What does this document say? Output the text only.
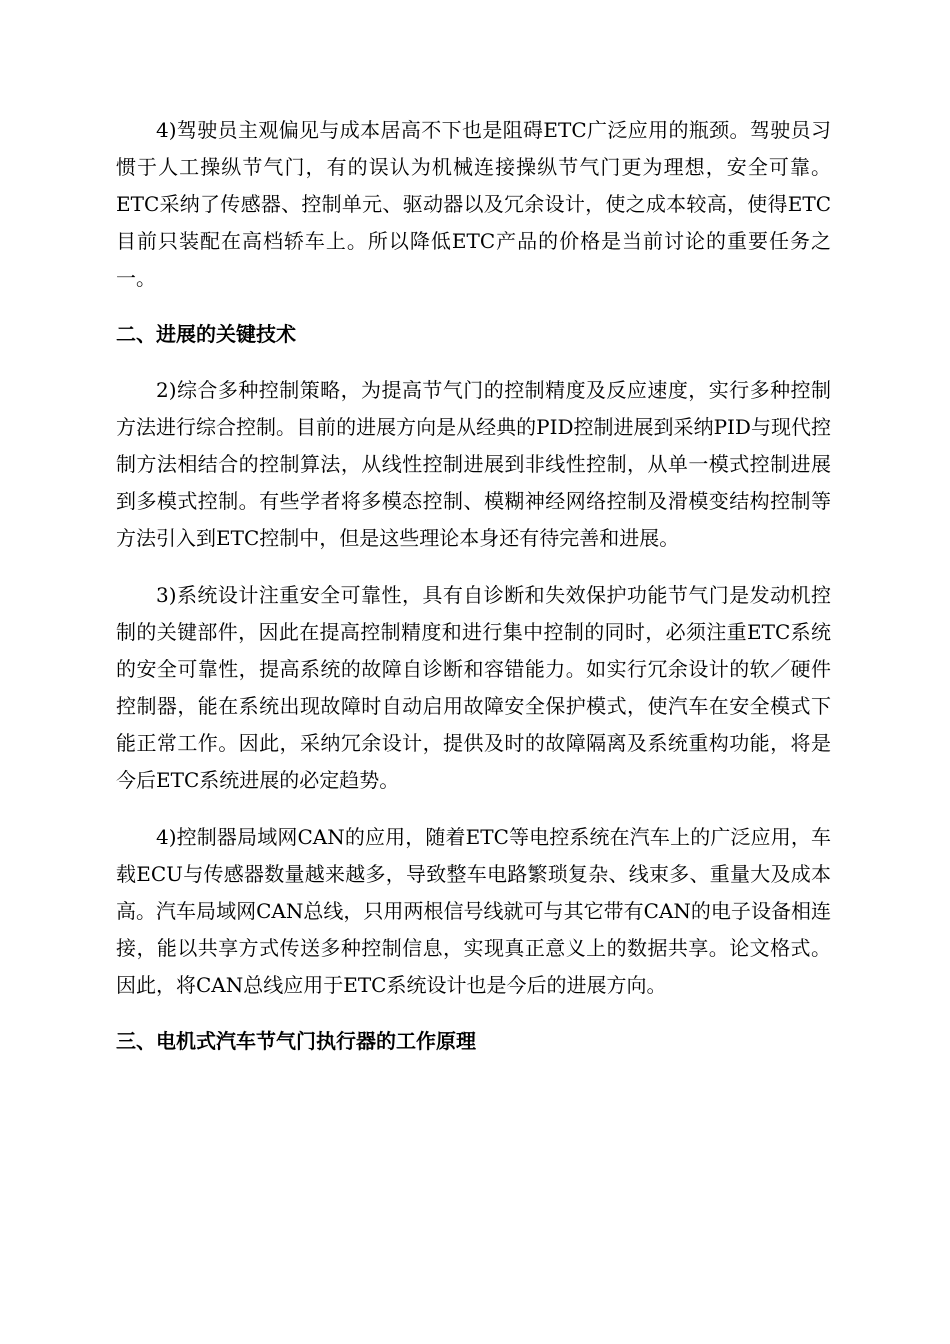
4)驾驶员主观偏见与成本居高不下也是阻碍ETC广泛应用的瓶颈。驾驶员习惯于人工操纵节气门，有的误认为机械连接操纵节气门更为理想，安全可靠。ETC采纳了传感器、控制单元、驱动器以及冗余设计，使之成本较高，使得ETC目前只装配在高档轿车上。所以降低ETC产品的价格是当前讨论的重要任务之一。

二、进展的关键技术

2)综合多种控制策略，为提高节气门的控制精度及反应速度，实行多种控制方法进行综合控制。目前的进展方向是从经典的PID控制进展到采纳PID与现代控制方法相结合的控制算法，从线性控制进展到非线性控制，从单一模式控制进展到多模式控制。有些学者将多模态控制、模糊神经网络控制及滑模变结构控制等方法引入到ETC控制中，但是这些理论本身还有待完善和进展。

3)系统设计注重安全可靠性，具有自诊断和失效保护功能节气门是发动机控制的关键部件，因此在提高控制精度和进行集中控制的同时，必须注重ETC系统的安全可靠性，提高系统的故障自诊断和容错能力。如实行冗余设计的软／硬件控制器，能在系统出现故障时自动启用故障安全保护模式，使汽车在安全模式下能正常工作。因此，采纳冗余设计，提供及时的故障隔离及系统重构功能，将是今后ETC系统进展的必定趋势。

4)控制器局域网CAN的应用，随着ETC等电控系统在汽车上的广泛应用，车载ECU与传感器数量越来越多，导致整车电路繁琐复杂、线束多、重量大及成本高。汽车局域网CAN总线，只用两根信号线就可与其它带有CAN的电子设备相连接，能以共享方式传送多种控制信息，实现真正意义上的数据共享。论文格式。因此，将CAN总线应用于ETC系统设计也是今后的进展方向。

三、电机式汽车节气门执行器的工作原理
